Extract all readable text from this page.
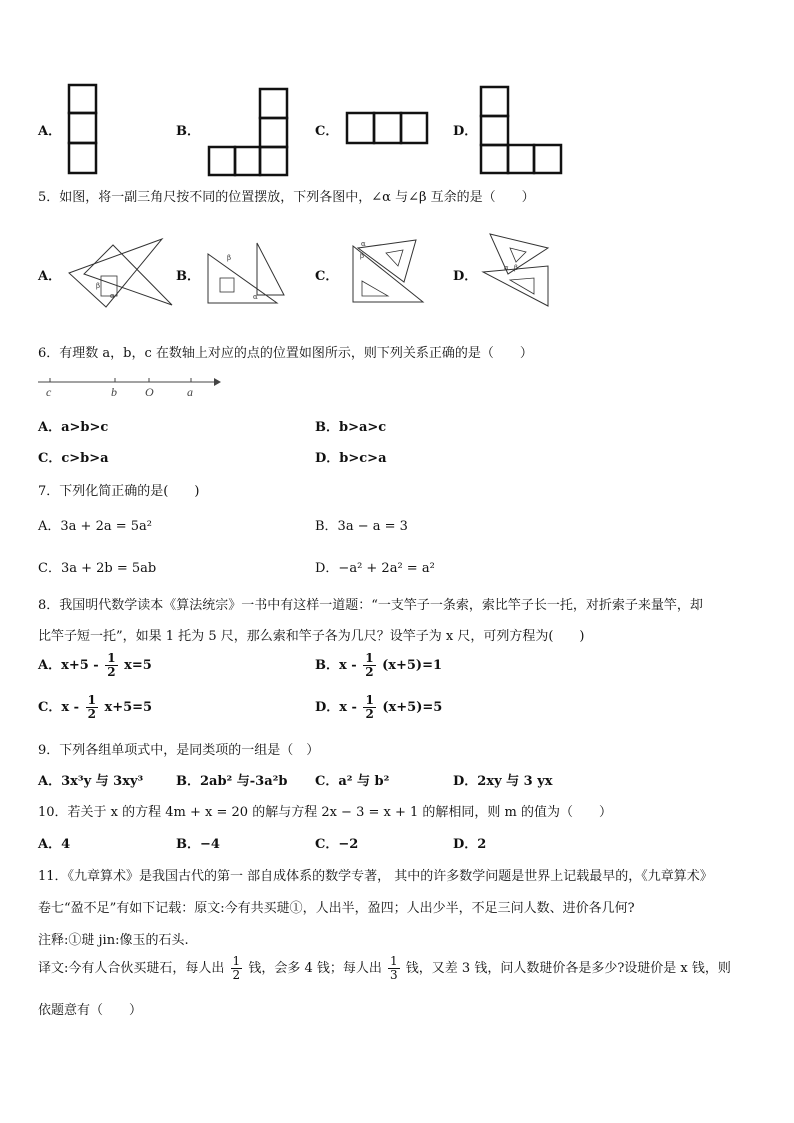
A．	B．	C．	D．
5．如图，将一副三角尺按不同的位置摆放，下列各图中，∠α 与∠β 互余的是（　　）
A．
β
α
B．
β
α
C．
α
β
D．
α β
6．有理数 a，b，c 在数轴上对应的点的位置如图所示，则下列关系正确的是（　　）
c	b O	a
A．a>b>c	B．b>a>c
C．c>b>a	D．b>c>a
7．下列化简正确的是(　　)
A．3a + 2a = 5a²	B．3a − a = 3
C．3a + 2b = 5ab	D．−a² + 2a² = a²
8．我国明代数学读本《算法统宗》一书中有这样一道题：“一支竿子一条索，索比竿子长一托，对折索子来量竿，却
比竿子短一托”，如果 1 托为 5 尺，那么索和竿子各为几尺？设竿子为 x 尺，可列方程为(　　)
A．$x+5 - \frac{1}{2} x=5$	B．$x - \frac{1}{2} (x+5)=1$
C．$x - \frac{1}{2} x+5=5$	D．$x - \frac{1}{2} (x+5)=5$
9．下列各组单项式中，是同类项的一组是（　）
A．3x³y 与 3xy³	B．2ab² 与-3a²b C．a² 与 b²	D．2xy 与 3 yx
10．若关于 x 的方程 4m + x = 20 的解与方程 2x − 3 = x + 1 的解相同，则 m 的值为（　　）
A．4	B．−4	C．−2	D．2
11．《九章算术》是我国古代的第一 部自成体系的数学专著， 其中的许多数学问题是世界上记载最早的，《九章算术》
卷七“盈不足”有如下记载：原文:今有共买琎①，人出半，盈四；人出少半，不足三问人数、进价各几何?
注释:①琎 jin:像玉的石头.
译文:今有人合伙买琎石，每人出 $\frac{1}{2}$ 钱，会多 4 钱；每人出 $\frac{1}{3}$ 钱，又差 3 钱，问人数琎价各是多少?设琎价是 x 钱，则
依题意有（　　）
